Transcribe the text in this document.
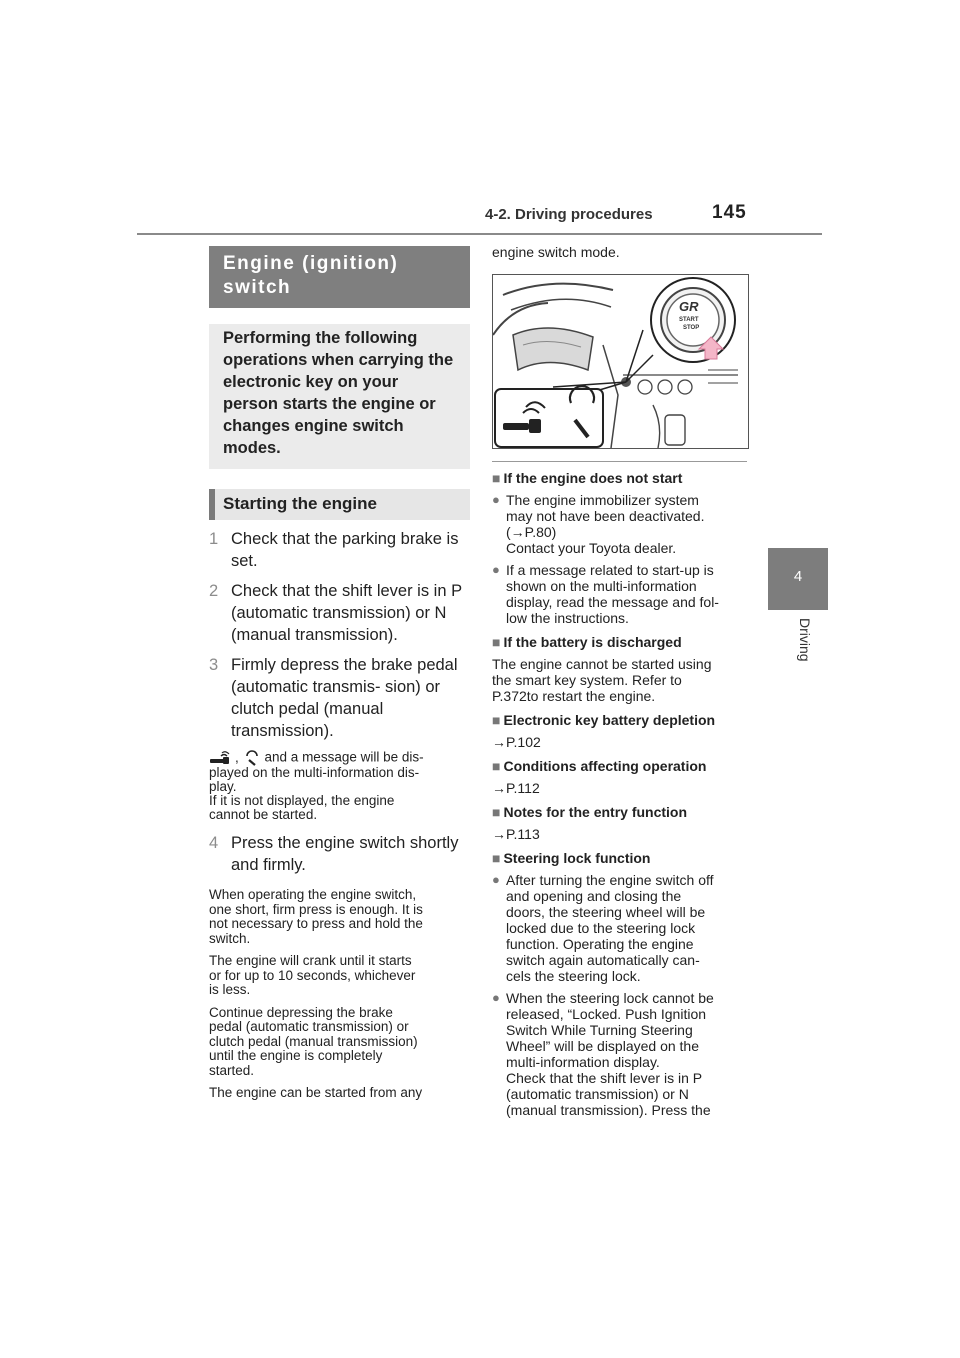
4-2. Driving procedures	145
4
Driving
Engine (ignition)
switch
Performing the following operations when carrying the electronic key on your person starts the engine or changes engine switch modes.
Starting the engine
1 Check that the parking brake is set.
2 Check that the shift lever is in P (automatic transmission) or N (manual transmission).
3 Firmly depress the brake pedal (automatic transmis- sion) or clutch pedal (manual transmission).
, and a message will be dis-
played on the multi-information dis-
play.
If it is not displayed, the engine
cannot be started.
4 Press the engine switch shortly and firmly.
When operating the engine switch,
one short, firm press is enough. It is
not necessary to press and hold the
switch.
The engine will crank until it starts
or for up to 10 seconds, whichever
is less.
Continue depressing the brake
pedal (automatic transmission) or
clutch pedal (manual transmission)
until the engine is completely
started.
The engine can be started from any
engine switch mode.
GR
START
STOP
■ If the engine does not start
● The engine immobilizer system
may not have been deactivated.
(→P.80)
Contact your Toyota dealer.
● If a message related to start-up is
shown on the multi-information
display, read the message and fol-
low the instructions.
■ If the battery is discharged
The engine cannot be started using
the smart key system. Refer to
P.372to restart the engine.
■ Electronic key battery depletion
→P.102
■ Conditions affecting operation
→P.112
■ Notes for the entry function
→P.113
■ Steering lock function
● After turning the engine switch off
and opening and closing the
doors, the steering wheel will be
locked due to the steering lock
function. Operating the engine
switch again automatically can-
cels the steering lock.
● When the steering lock cannot be
released, “Locked. Push Ignition
Switch While Turning Steering
Wheel” will be displayed on the
multi-information display.
Check that the shift lever is in P
(automatic transmission) or N
(manual transmission). Press the
